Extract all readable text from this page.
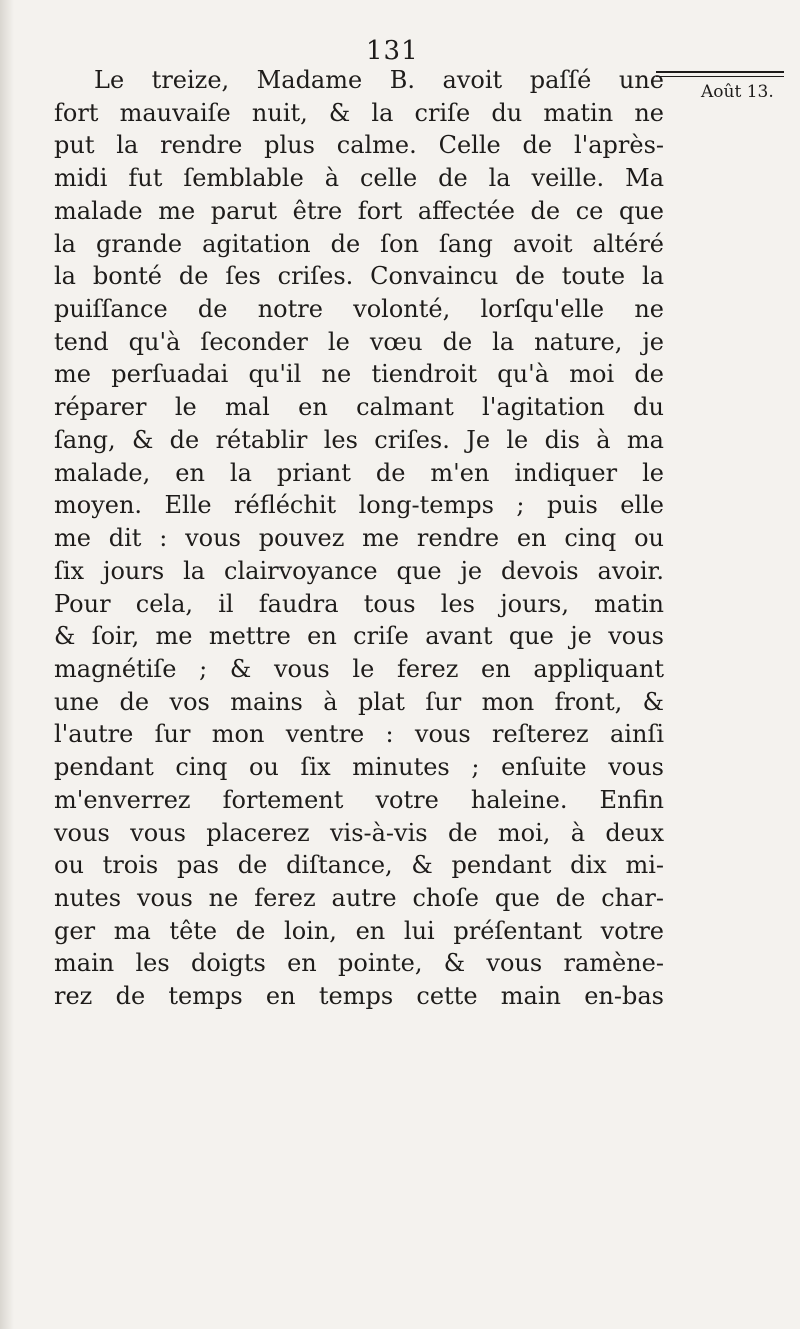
131
Août 13.
Le treize, Madame B. avoit paſſé une
fort mauvaiſe nuit, & la criſe du matin ne
put la rendre plus calme. Celle de l'après-
midi fut ſemblable à celle de la veille. Ma
malade me parut être fort affectée de ce que
la grande agitation de ſon ſang avoit altéré
la bonté de ſes criſes. Convaincu de toute la
puiſſance de notre volonté, lorſqu'elle ne
tend qu'à ſeconder le vœu de la nature, je
me perſuadai qu'il ne tiendroit qu'à moi de
réparer le mal en calmant l'agitation du
ſang, & de rétablir les criſes. Je le dis à ma
malade, en la priant de m'en indiquer le
moyen. Elle réfléchit long-temps ; puis elle
me dit : vous pouvez me rendre en cinq ou
ſix jours la clairvoyance que je devois avoir.
Pour cela, il faudra tous les jours, matin
& ſoir, me mettre en criſe avant que je vous
magnétiſe ; & vous le ferez en appliquant
une de vos mains à plat ſur mon front, &
l'autre ſur mon ventre : vous reſterez ainſi
pendant cinq ou ſix minutes ; enſuite vous
m'enverrez fortement votre haleine. Enfin
vous vous placerez vis-à-vis de moi, à deux
ou trois pas de diſtance, & pendant dix mi-
nutes vous ne ferez autre choſe que de char-
ger ma tête de loin, en lui préſentant votre
main les doigts en pointe, & vous ramène-
rez de temps en temps cette main en-bas
